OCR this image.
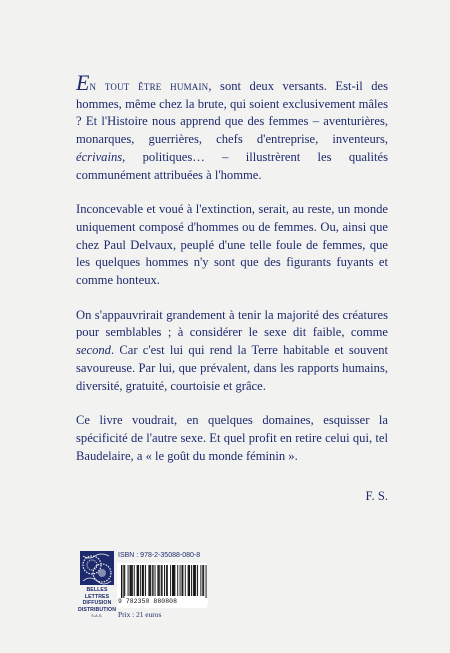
En tout être humain, sont deux versants. Est-il des hommes, même chez la brute, qui soient exclusivement mâles ? Et l'Histoire nous apprend que des femmes – aventurières, monarques, guerrières, chefs d'entreprise, inventeurs, écrivains, politiques… – illustrèrent les qualités communément attribuées à l'homme.

Inconcevable et voué à l'extinction, serait, au reste, un monde uniquement composé d'hommes ou de femmes. Ou, ainsi que chez Paul Delvaux, peuplé d'une telle foule de femmes, que les quelques hommes n'y sont que des figurants fuyants et comme honteux.

On s'appauvrirait grandement à tenir la majorité des créatures pour semblables ; à considérer le sexe dit faible, comme second. Car c'est lui qui rend la Terre habitable et souvent savoureuse. Par lui, que prévalent, dans les rapports humains, diversité, gratuité, courtoisie et grâce.

Ce livre voudrait, en quelques domaines, esquisser la spécificité de l'autre sexe. Et quel profit en retire celui qui, tel Baudelaire, a « le goût du monde féminin ».

F. S.
BELLES LETTRES
DIFFUSION
DISTRIBUTION
S.A.S.
ISBN : 978-2-35088-080-8
9 782350 880808
Prix : 21 euros
